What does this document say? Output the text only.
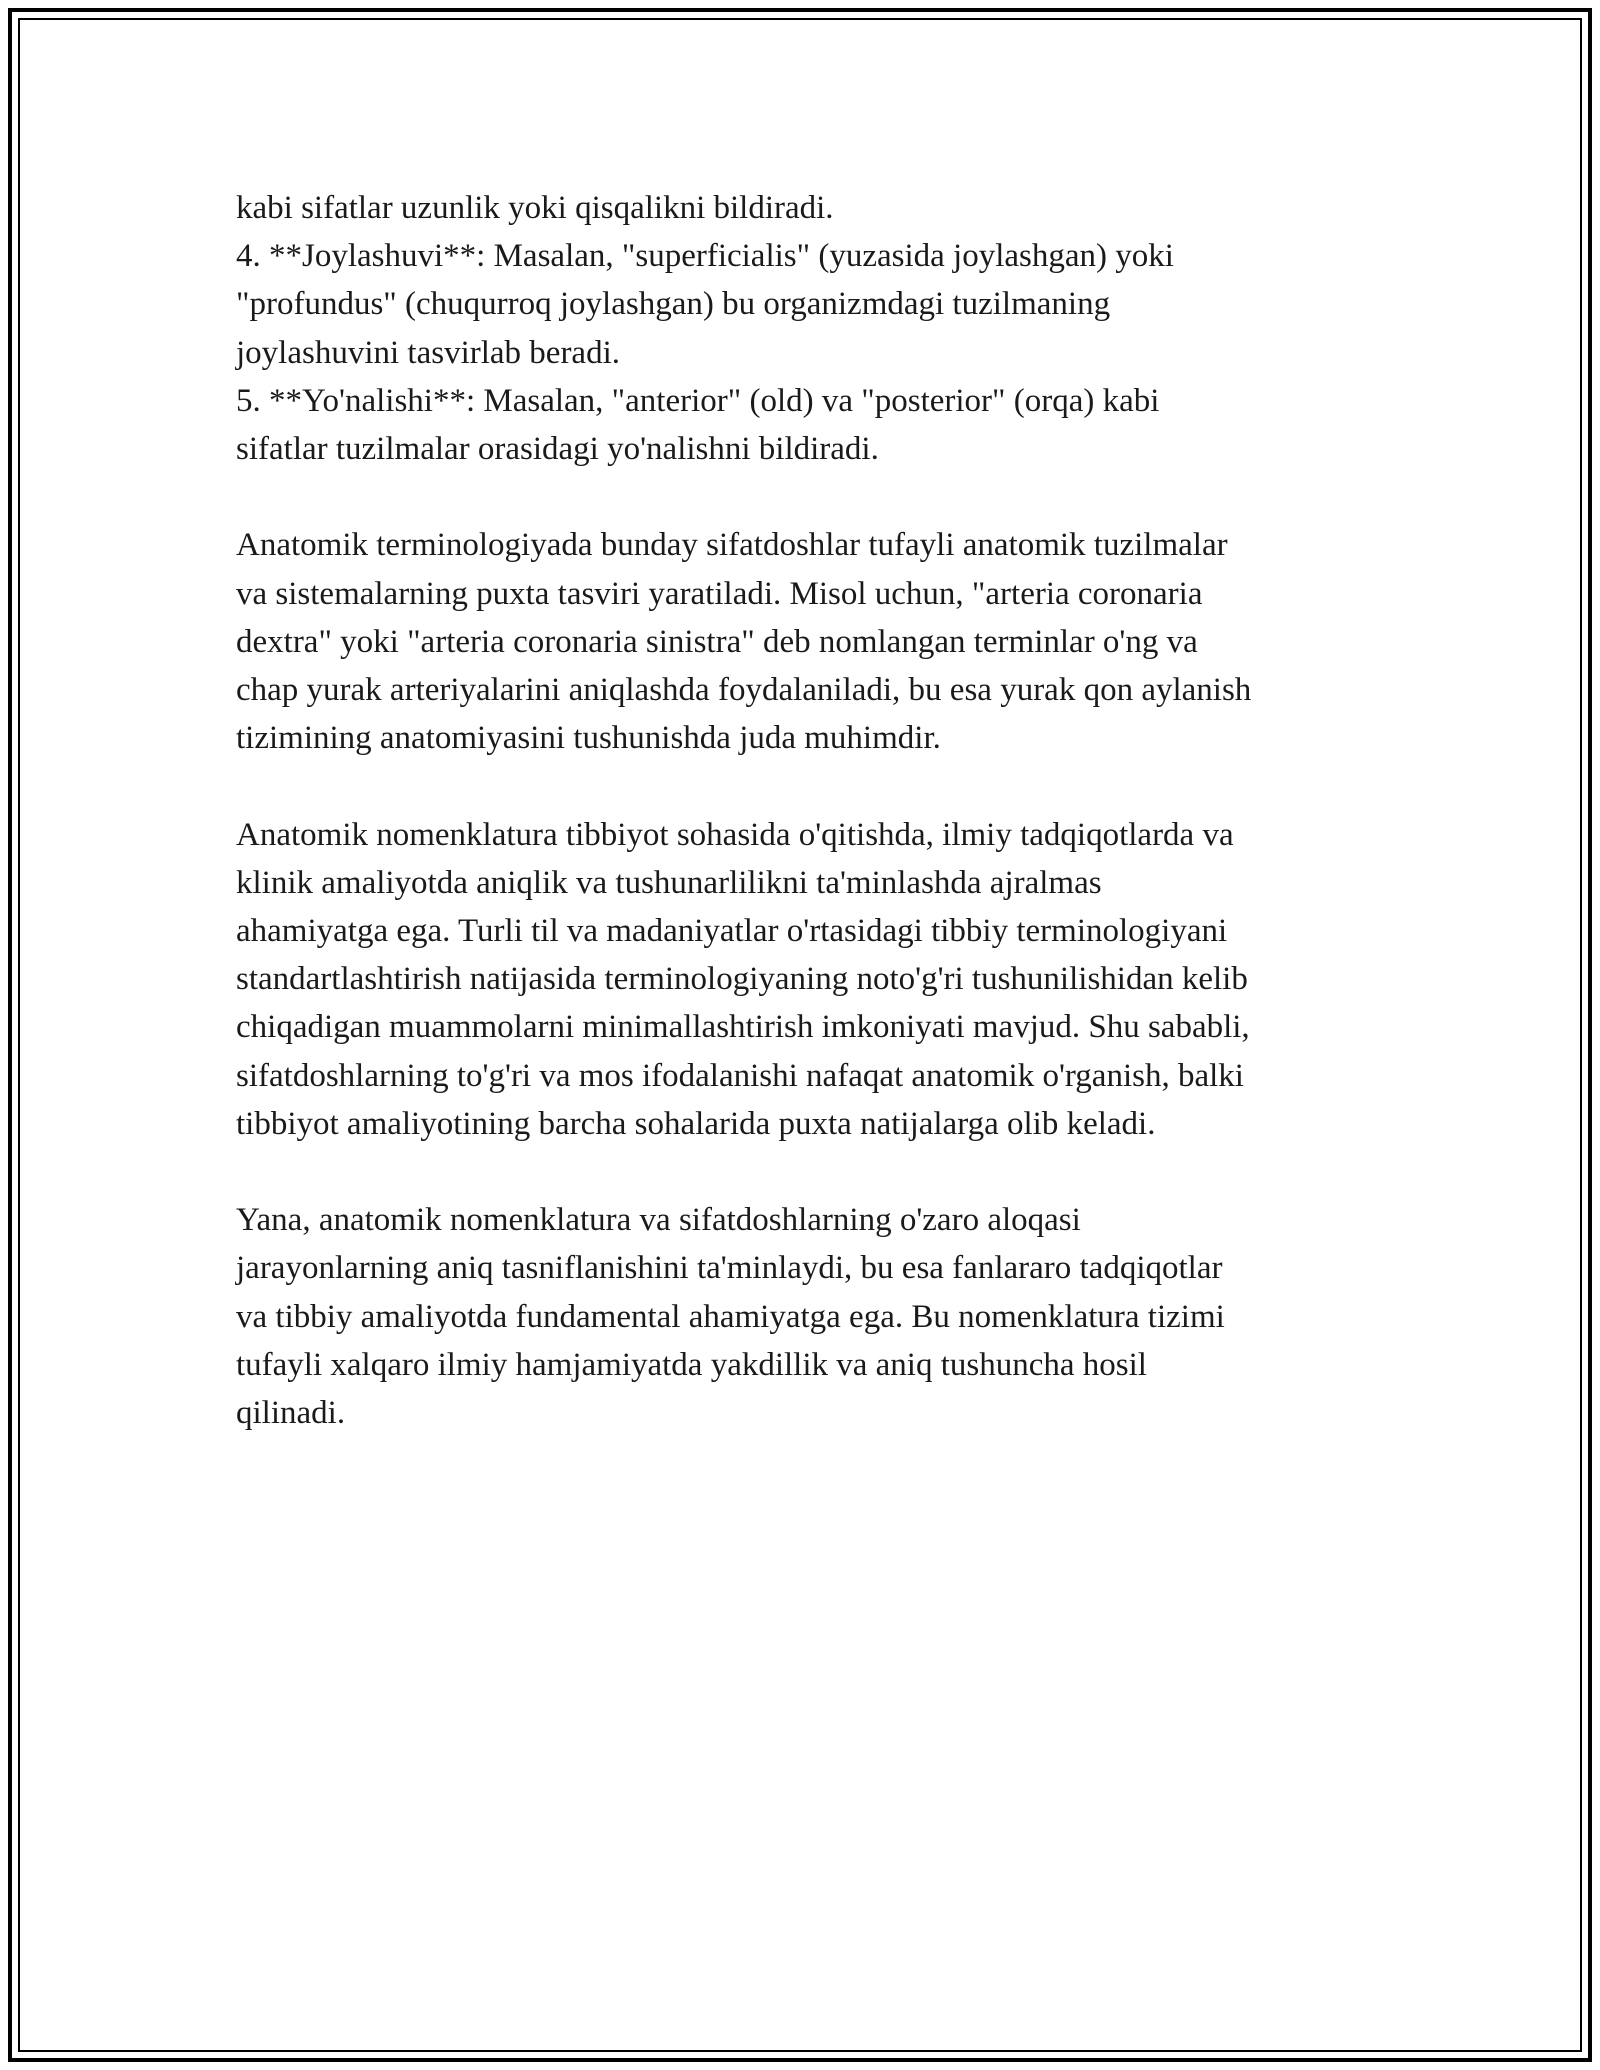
kabi sifatlar uzunlik yoki qisqalikni bildiradi.
4. **Joylashuvi**: Masalan, "superficialis" (yuzasida joylashgan) yoki
"profundus" (chuqurroq joylashgan) bu organizmdagi tuzilmaning
joylashuvini tasvirlab beradi.
5. **Yo'nalishi**: Masalan, "anterior" (old) va "posterior" (orqa) kabi
sifatlar tuzilmalar orasidagi yo'nalishni bildiradi.
Anatomik terminologiyada bunday sifatdoshlar tufayli anatomik tuzilmalar
va sistemalarning puxta tasviri yaratiladi. Misol uchun, "arteria coronaria
dextra" yoki "arteria coronaria sinistra" deb nomlangan terminlar o'ng va
chap yurak arteriyalarini aniqlashda foydalaniladi, bu esa yurak qon aylanish
tizimining anatomiyasini tushunishda juda muhimdir.
Anatomik nomenklatura tibbiyot sohasida o'qitishda, ilmiy tadqiqotlarda va
klinik amaliyotda aniqlik va tushunarlilikni ta'minlashda ajralmas
ahamiyatga ega. Turli til va madaniyatlar o'rtasidagi tibbiy terminologiyani
standartlashtirish natijasida terminologiyaning noto'g'ri tushunilishidan kelib
chiqadigan muammolarni minimallashtirish imkoniyati mavjud. Shu sababli,
sifatdoshlarning to'g'ri va mos ifodalanishi nafaqat anatomik o'rganish, balki
tibbiyot amaliyotining barcha sohalarida puxta natijalarga olib keladi.
Yana, anatomik nomenklatura va sifatdoshlarning o'zaro aloqasi
jarayonlarning aniq tasniflanishini ta'minlaydi, bu esa fanlararo tadqiqotlar
va tibbiy amaliyotda fundamental ahamiyatga ega. Bu nomenklatura tizimi
tufayli xalqaro ilmiy hamjamiyatda yakdillik va aniq tushuncha hosil
qilinadi.
